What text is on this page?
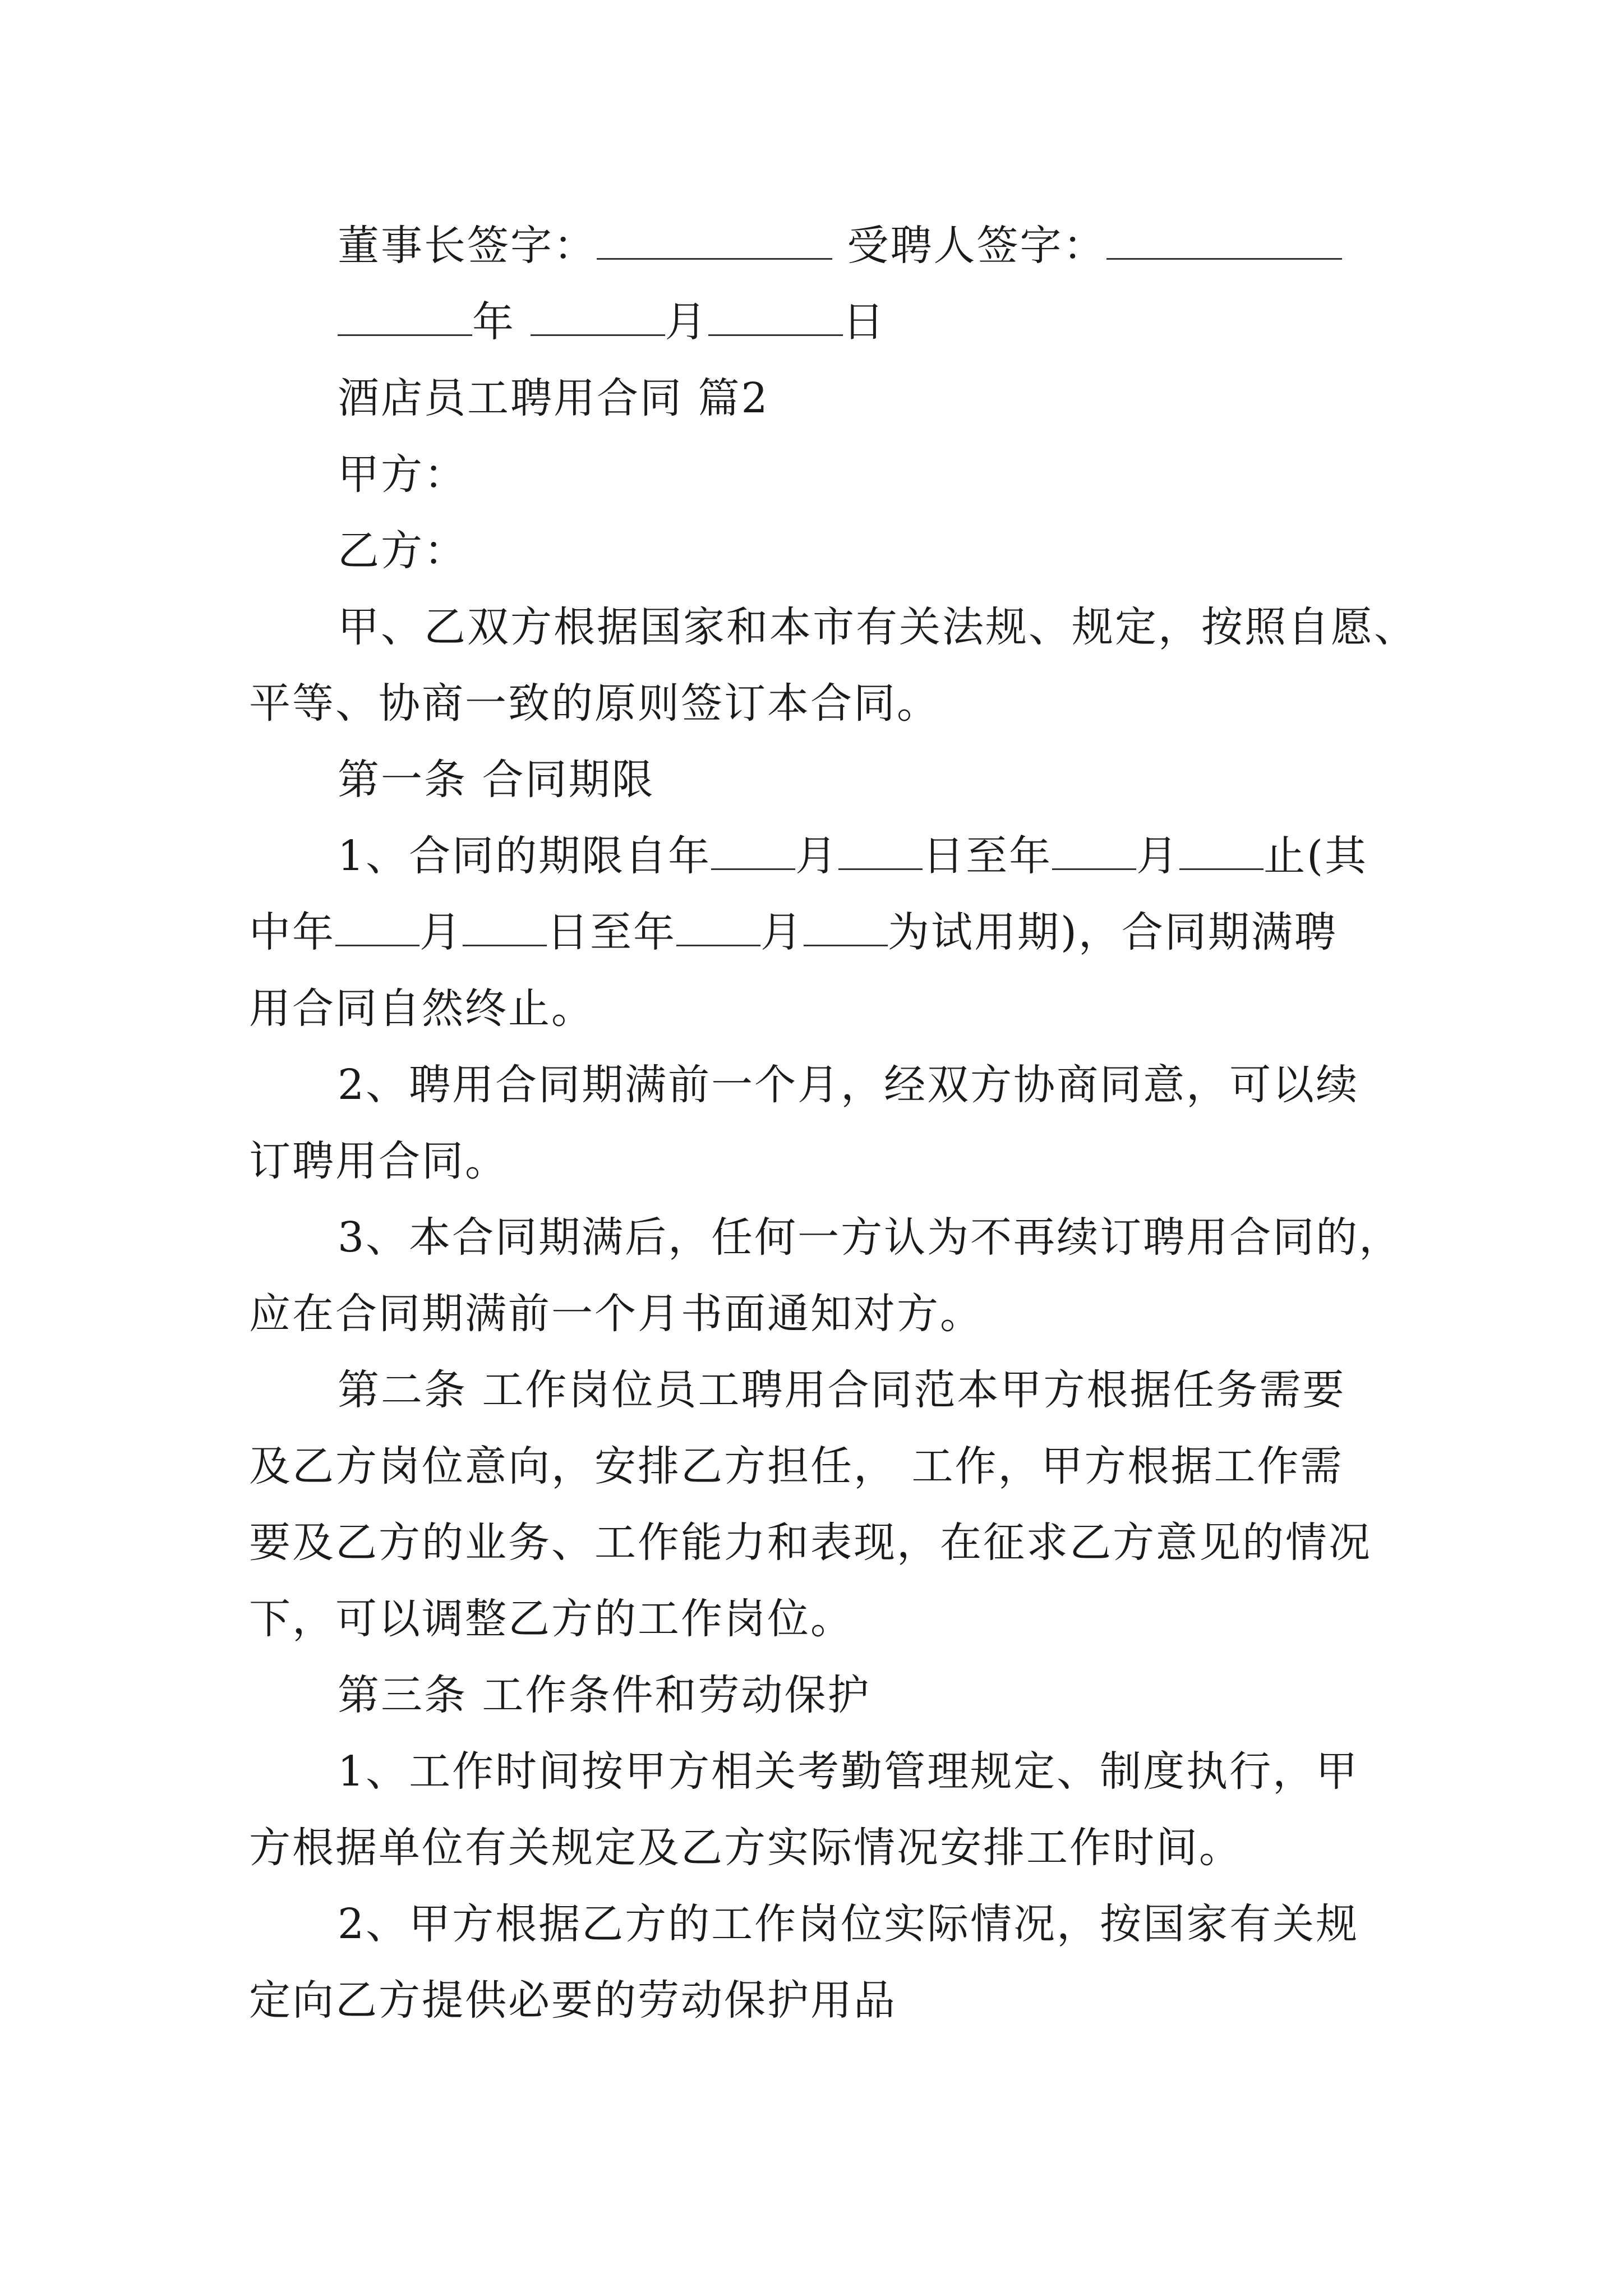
董事长签字：	受聘人签字：
年	月	日
酒店员工聘用合同 篇2
甲方：
乙方：
甲、乙双方根据国家和本市有关法规、规定，按照自愿、
平等、协商一致的原则签订本合同。
第一条 合同期限
1、合同的期限自年 月 日至年 月 止(其
中年 月 日至年 月 为试用期)，合同期满聘
用合同自然终止。
2、聘用合同期满前一个月，经双方协商同意，可以续
订聘用合同。
3、本合同期满后，任何一方认为不再续订聘用合同的，
应在合同期满前一个月书面通知对方。
第二条 工作岗位员工聘用合同范本甲方根据任务需要
及乙方岗位意向，安排乙方担任， 工作，甲方根据工作需
要及乙方的业务、工作能力和表现，在征求乙方意见的情况
下，可以调整乙方的工作岗位。
第三条 工作条件和劳动保护
1、工作时间按甲方相关考勤管理规定、制度执行，甲
方根据单位有关规定及乙方实际情况安排工作时间。
2、甲方根据乙方的工作岗位实际情况，按国家有关规
定向乙方提供必要的劳动保护用品
